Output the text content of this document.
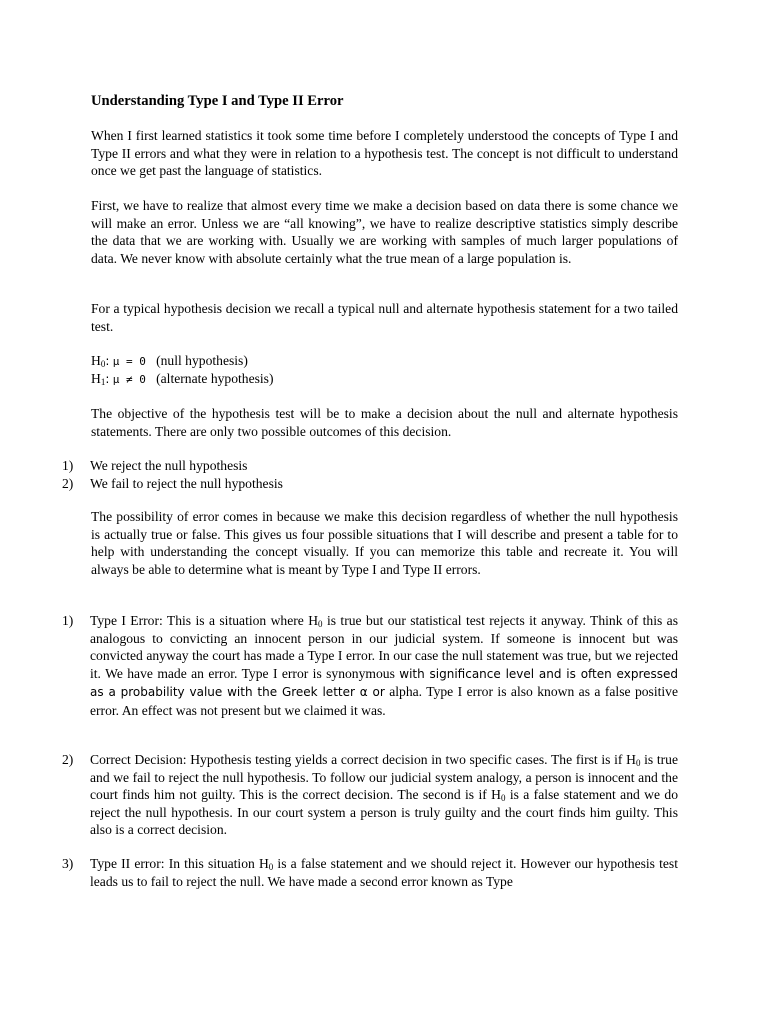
Understanding Type I and Type II Error

When I first learned statistics it took some time before I completely understood the concepts of Type I and Type II errors and what they were in relation to a hypothesis test. The concept is not difficult to understand once we get past the language of statistics.

First, we have to realize that almost every time we make a decision based on data there is some chance we will make an error. Unless we are “all knowing”, we have to realize descriptive statistics simply describe the data that we are working with. Usually we are working with samples of much larger populations of data. We never know with absolute certainly what the true mean of a large population is.

For a typical hypothesis decision we recall a typical null and alternate hypothesis statement for a two tailed test.

$H_0$: μ = 0 (null hypothesis)

$H_1$: μ ≠ 0 (alternate hypothesis)

The objective of the hypothesis test will be to make a decision about the null and alternate hypothesis statements. There are only two possible outcomes of this decision.

1) We reject the null hypothesis
2) We fail to reject the null hypothesis

The possibility of error comes in because we make this decision regardless of whether the null hypothesis is actually true or false. This gives us four possible situations that I will describe and present a table for to help with understanding the concept visually. If you can memorize this table and recreate it. You will always be able to determine what is meant by Type I and Type II errors.

1)	Type I Error: This is a situation where $H_0$ is true but our statistical test rejects it anyway. Think of this as analogous to convicting an innocent person in our judicial system. If someone is innocent but was convicted anyway the court has made a Type I error. In our case the null statement was true, but we rejected it. We have made an error. Type I error is synonymous with significance level and is often expressed as a probability value with the Greek letter α or alpha. Type I error is also known as a false positive error. An effect was not present but we claimed it was.
2)	Correct Decision: Hypothesis testing yields a correct decision in two specific cases. The first is if $H_0$ is true and we fail to reject the null hypothesis. To follow our judicial system analogy, a person is innocent and the court finds him not guilty. This is the correct decision. The second is if $H_0$ is a false statement and we do reject the null hypothesis. In our court system a person is truly guilty and the court finds him guilty. This also is a correct decision.
3)	Type II error: In this situation $H_0$ is a false statement and we should reject it. However our hypothesis test leads us to fail to reject the null. We have made a second error known as Type
